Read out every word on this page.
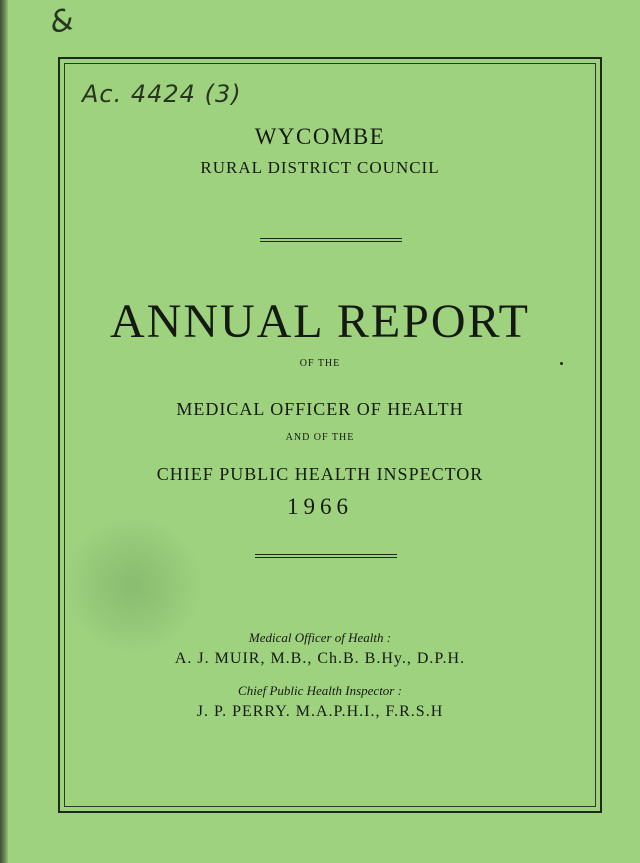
&
Ac. 4424 (3)
WYCOMBE
RURAL DISTRICT COUNCIL
ANNUAL REPORT
OF THE
MEDICAL OFFICER OF HEALTH
AND OF THE
CHIEF PUBLIC HEALTH INSPECTOR
1966
Medical Officer of Health :
A. J. MUIR, M.B., Ch.B. B.Hy., D.P.H.
Chief Public Health Inspector :
J. P. PERRY. M.A.P.H.I., F.R.S.H
